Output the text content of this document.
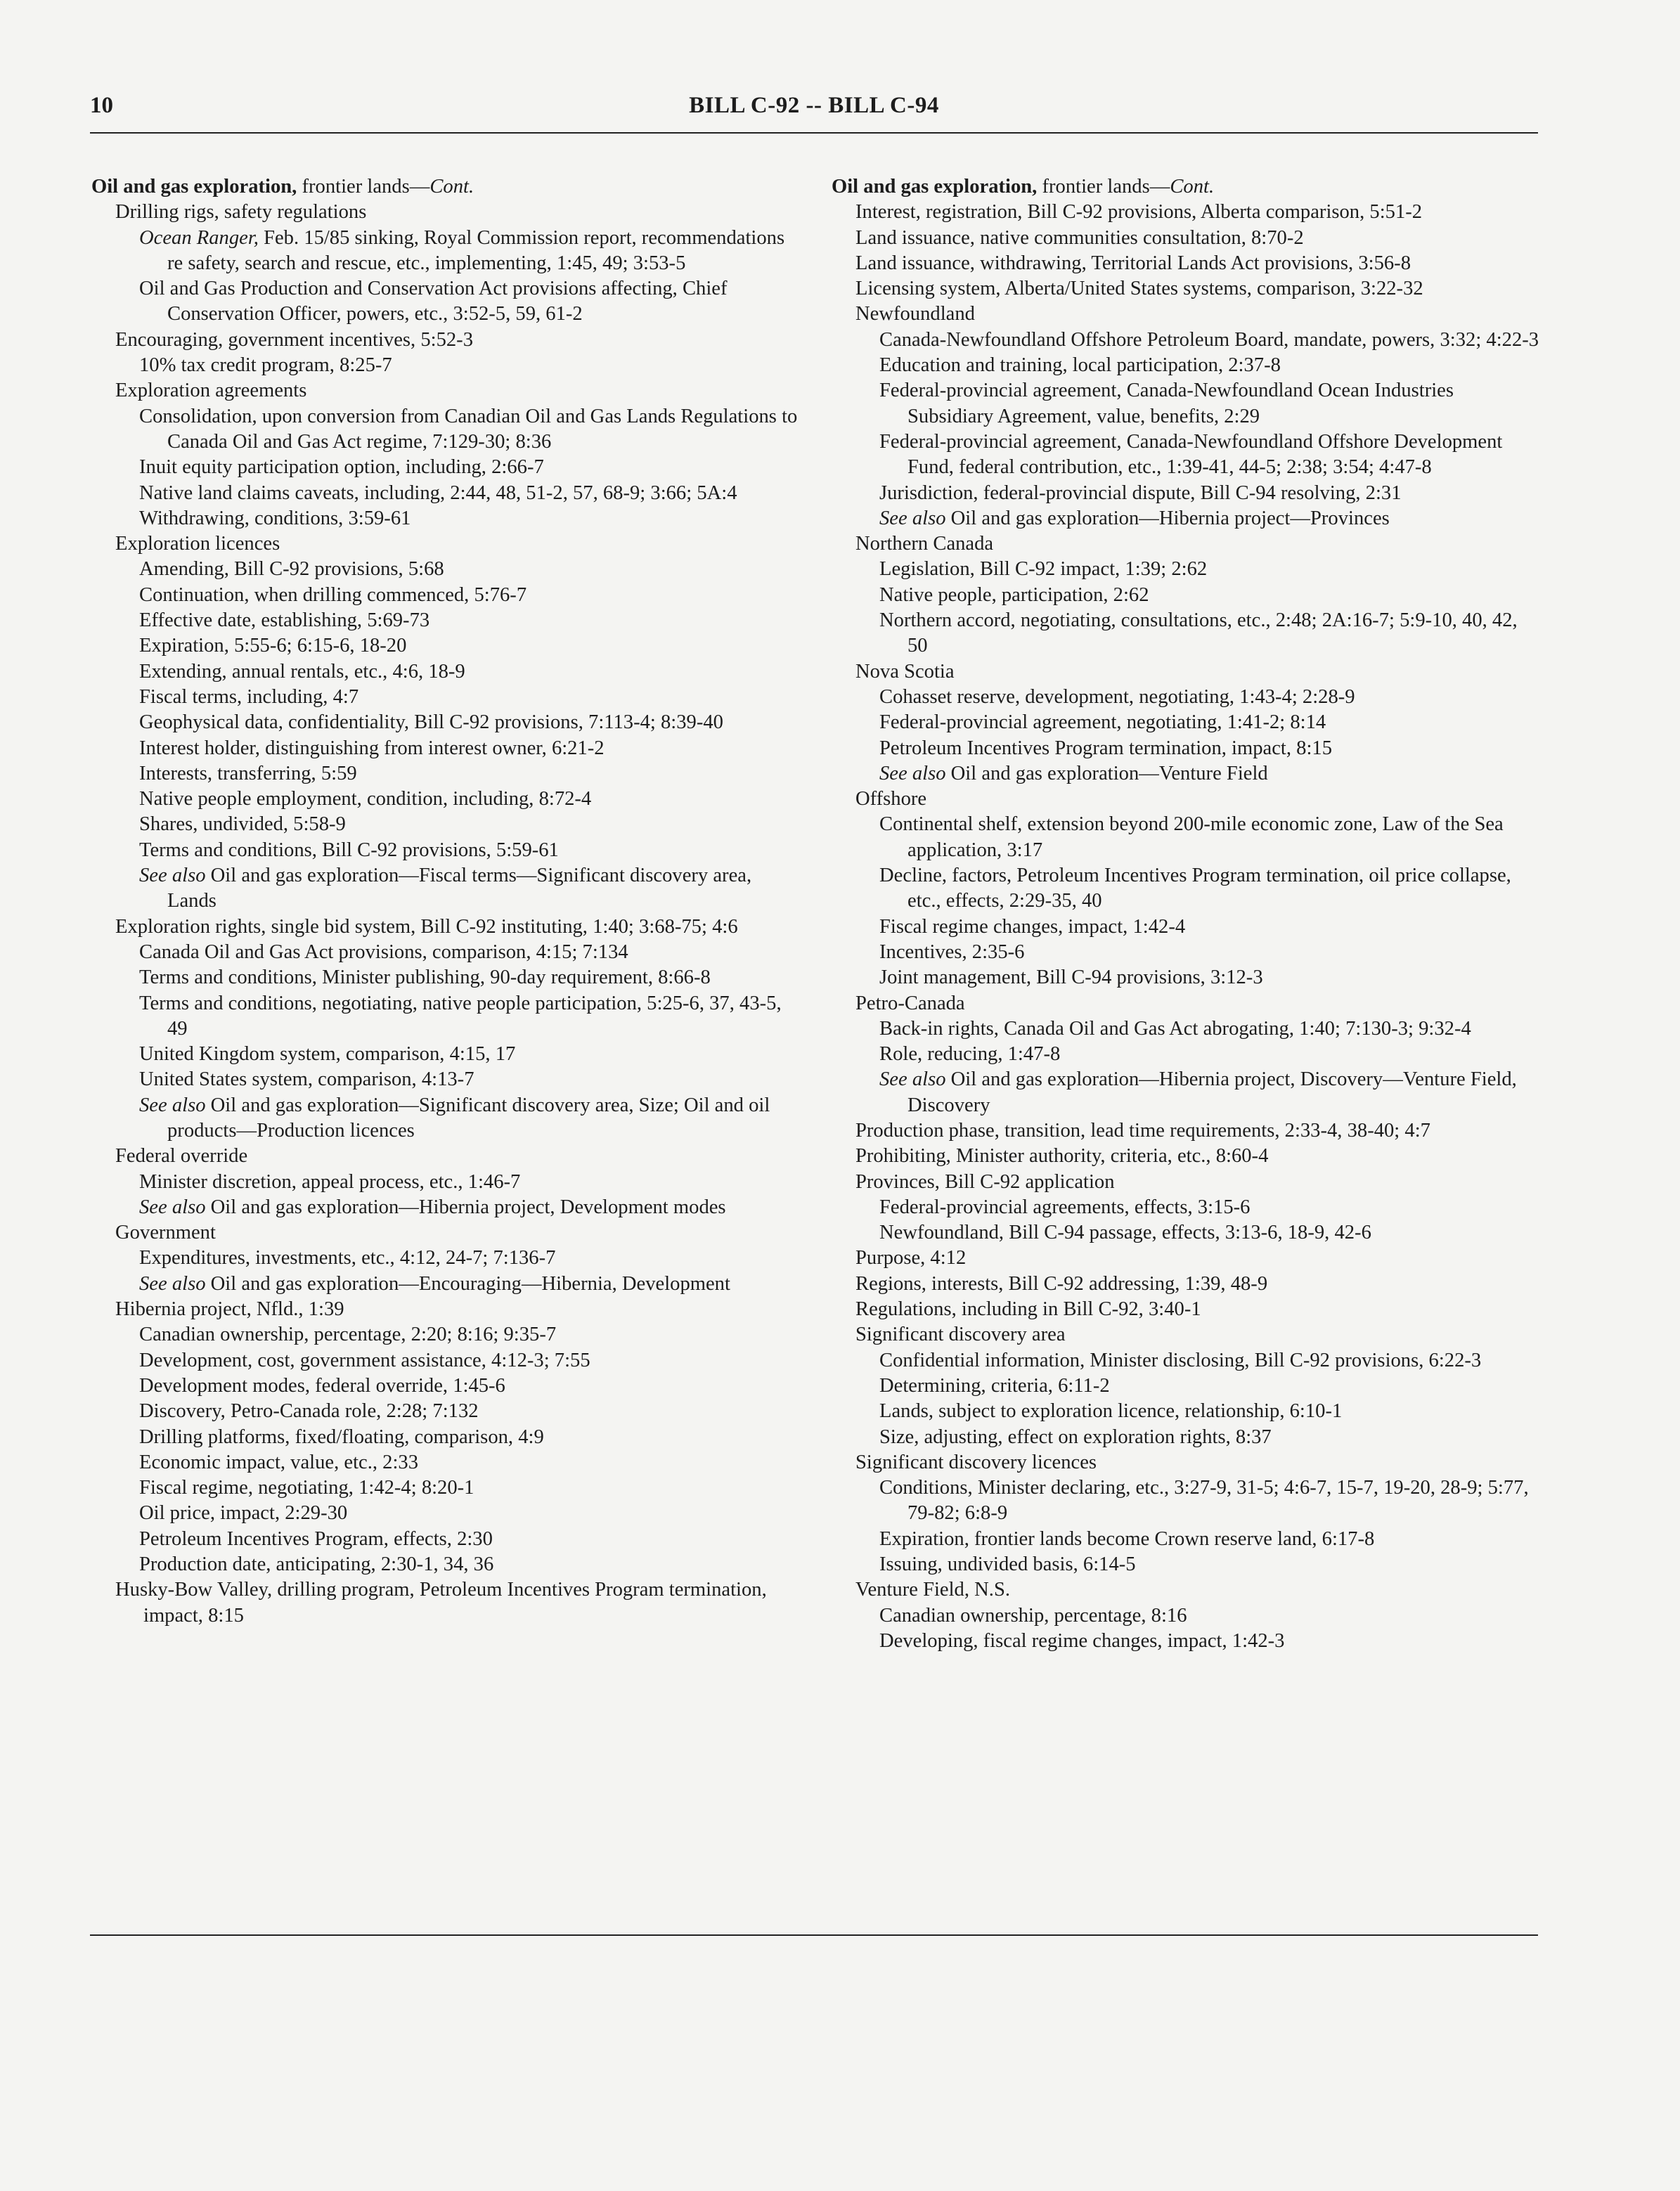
10	BILL C-92 -- BILL C-94
Oil and gas exploration, frontier lands—Cont.
Drilling rigs, safety regulations
Ocean Ranger, Feb. 15/85 sinking, Royal Commission report, recommendations re safety, search and rescue, etc., implementing, 1:45, 49; 3:53-5
Oil and Gas Production and Conservation Act provisions affecting, Chief Conservation Officer, powers, etc., 3:52-5, 59, 61-2
Encouraging, government incentives, 5:52-3
10% tax credit program, 8:25-7
Exploration agreements
Consolidation, upon conversion from Canadian Oil and Gas Lands Regulations to Canada Oil and Gas Act regime, 7:129-30; 8:36
Inuit equity participation option, including, 2:66-7
Native land claims caveats, including, 2:44, 48, 51-2, 57, 68-9; 3:66; 5A:4
Withdrawing, conditions, 3:59-61
Exploration licences
Amending, Bill C-92 provisions, 5:68
Continuation, when drilling commenced, 5:76-7
Effective date, establishing, 5:69-73
Expiration, 5:55-6; 6:15-6, 18-20
Extending, annual rentals, etc., 4:6, 18-9
Fiscal terms, including, 4:7
Geophysical data, confidentiality, Bill C-92 provisions, 7:113-4; 8:39-40
Interest holder, distinguishing from interest owner, 6:21-2
Interests, transferring, 5:59
Native people employment, condition, including, 8:72-4
Shares, undivided, 5:58-9
Terms and conditions, Bill C-92 provisions, 5:59-61
See also Oil and gas exploration—Fiscal terms—Significant discovery area, Lands
Exploration rights, single bid system, Bill C-92 instituting, 1:40; 3:68-75; 4:6
Canada Oil and Gas Act provisions, comparison, 4:15; 7:134
Terms and conditions, Minister publishing, 90-day requirement, 8:66-8
Terms and conditions, negotiating, native people participation, 5:25-6, 37, 43-5, 49
United Kingdom system, comparison, 4:15, 17
United States system, comparison, 4:13-7
See also Oil and gas exploration—Significant discovery area, Size; Oil and oil products—Production licences
Federal override
Minister discretion, appeal process, etc., 1:46-7
See also Oil and gas exploration—Hibernia project, Development modes
Government
Expenditures, investments, etc., 4:12, 24-7; 7:136-7
See also Oil and gas exploration—Encouraging—Hibernia, Development
Hibernia project, Nfld., 1:39
Canadian ownership, percentage, 2:20; 8:16; 9:35-7
Development, cost, government assistance, 4:12-3; 7:55
Development modes, federal override, 1:45-6
Discovery, Petro-Canada role, 2:28; 7:132
Drilling platforms, fixed/floating, comparison, 4:9
Economic impact, value, etc., 2:33
Fiscal regime, negotiating, 1:42-4; 8:20-1
Oil price, impact, 2:29-30
Petroleum Incentives Program, effects, 2:30
Production date, anticipating, 2:30-1, 34, 36
Husky-Bow Valley, drilling program, Petroleum Incentives Program termination, impact, 8:15
Oil and gas exploration, frontier lands—Cont.
Interest, registration, Bill C-92 provisions, Alberta comparison, 5:51-2
Land issuance, native communities consultation, 8:70-2
Land issuance, withdrawing, Territorial Lands Act provisions, 3:56-8
Licensing system, Alberta/United States systems, comparison, 3:22-32
Newfoundland
Canada-Newfoundland Offshore Petroleum Board, mandate, powers, 3:32; 4:22-3
Education and training, local participation, 2:37-8
Federal-provincial agreement, Canada-Newfoundland Ocean Industries Subsidiary Agreement, value, benefits, 2:29
Federal-provincial agreement, Canada-Newfoundland Offshore Development Fund, federal contribution, etc., 1:39-41, 44-5; 2:38; 3:54; 4:47-8
Jurisdiction, federal-provincial dispute, Bill C-94 resolving, 2:31
See also Oil and gas exploration—Hibernia project—Provinces
Northern Canada
Legislation, Bill C-92 impact, 1:39; 2:62
Native people, participation, 2:62
Northern accord, negotiating, consultations, etc., 2:48; 2A:16-7; 5:9-10, 40, 42, 50
Nova Scotia
Cohasset reserve, development, negotiating, 1:43-4; 2:28-9
Federal-provincial agreement, negotiating, 1:41-2; 8:14
Petroleum Incentives Program termination, impact, 8:15
See also Oil and gas exploration—Venture Field
Offshore
Continental shelf, extension beyond 200-mile economic zone, Law of the Sea application, 3:17
Decline, factors, Petroleum Incentives Program termination, oil price collapse, etc., effects, 2:29-35, 40
Fiscal regime changes, impact, 1:42-4
Incentives, 2:35-6
Joint management, Bill C-94 provisions, 3:12-3
Petro-Canada
Back-in rights, Canada Oil and Gas Act abrogating, 1:40; 7:130-3; 9:32-4
Role, reducing, 1:47-8
See also Oil and gas exploration—Hibernia project, Discovery—Venture Field, Discovery
Production phase, transition, lead time requirements, 2:33-4, 38-40; 4:7
Prohibiting, Minister authority, criteria, etc., 8:60-4
Provinces, Bill C-92 application
Federal-provincial agreements, effects, 3:15-6
Newfoundland, Bill C-94 passage, effects, 3:13-6, 18-9, 42-6
Purpose, 4:12
Regions, interests, Bill C-92 addressing, 1:39, 48-9
Regulations, including in Bill C-92, 3:40-1
Significant discovery area
Confidential information, Minister disclosing, Bill C-92 provisions, 6:22-3
Determining, criteria, 6:11-2
Lands, subject to exploration licence, relationship, 6:10-1
Size, adjusting, effect on exploration rights, 8:37
Significant discovery licences
Conditions, Minister declaring, etc., 3:27-9, 31-5; 4:6-7, 15-7, 19-20, 28-9; 5:77, 79-82; 6:8-9
Expiration, frontier lands become Crown reserve land, 6:17-8
Issuing, undivided basis, 6:14-5
Venture Field, N.S.
Canadian ownership, percentage, 8:16
Developing, fiscal regime changes, impact, 1:42-3
